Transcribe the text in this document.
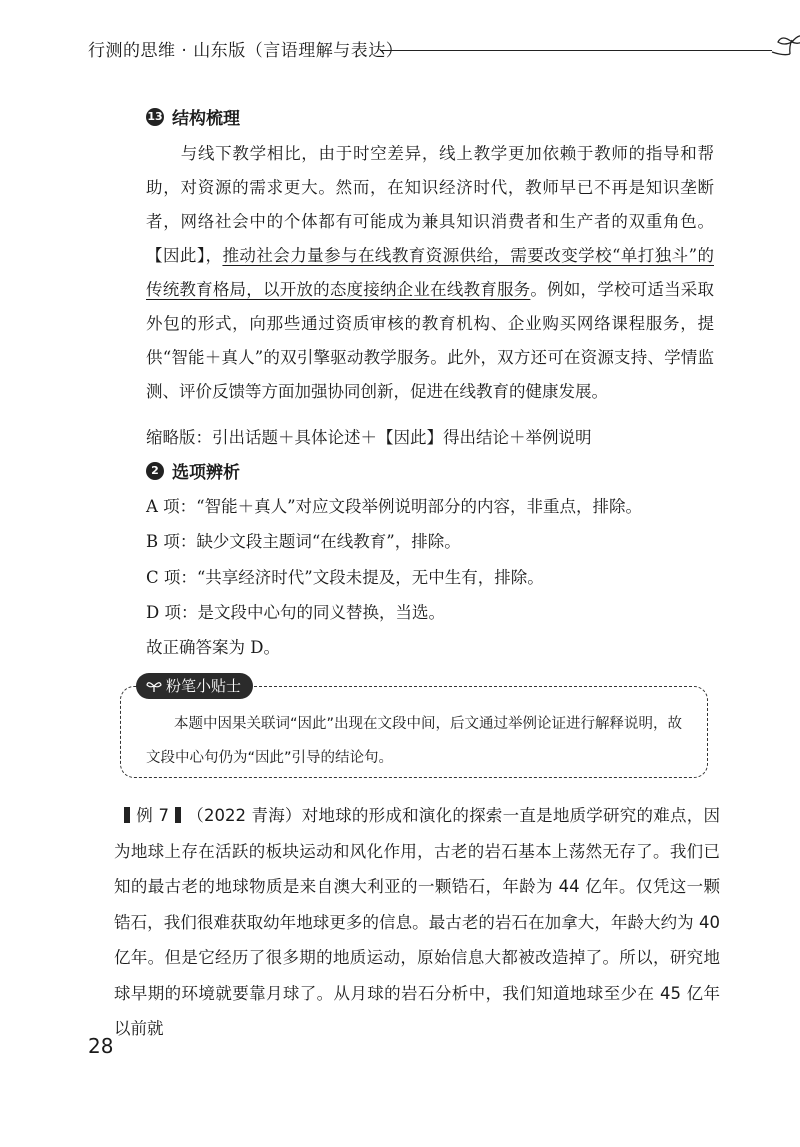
行测的思维 · 山东版（言语理解与表达）
13 结构梳理
与线下教学相比，由于时空差异，线上教学更加依赖于教师的指导和帮助，对资源的需求更大。然而，在知识经济时代，教师早已不再是知识垄断者，网络社会中的个体都有可能成为兼具知识消费者和生产者的双重角色。【因此】，推动社会力量参与在线教育资源供给，需要改变学校“单打独斗”的传统教育格局，以开放的态度接纳企业在线教育服务。例如，学校可适当采取外包的形式，向那些通过资质审核的教育机构、企业购买网络课程服务，提供“智能＋真人”的双引擎驱动教学服务。此外，双方还可在资源支持、学情监测、评价反馈等方面加强协同创新，促进在线教育的健康发展。
缩略版：引出话题＋具体论述＋【因此】得出结论＋举例说明
2 选项辨析
A 项：“智能＋真人”对应文段举例说明部分的内容，非重点，排除。
B 项：缺少文段主题词“在线教育”，排除。
C 项：“共享经济时代”文段未提及，无中生有，排除。
D 项：是文段中心句的同义替换，当选。
故正确答案为 D。
粉笔小贴士
本题中因果关联词“因此”出现在文段中间，后文通过举例论证进行解释说明，故文段中心句仍为“因此”引导的结论句。
例 7 （2022 青海）对地球的形成和演化的探索一直是地质学研究的难点，因为地球上存在活跃的板块运动和风化作用，古老的岩石基本上荡然无存了。我们已知的最古老的地球物质是来自澳大利亚的一颗锆石，年龄为 44 亿年。仅凭这一颗锆石，我们很难获取幼年地球更多的信息。最古老的岩石在加拿大，年龄大约为 40 亿年。但是它经历了很多期的地质运动，原始信息大都被改造掉了。所以，研究地球早期的环境就要靠月球了。从月球的岩石分析中，我们知道地球至少在 45 亿年以前就
28
